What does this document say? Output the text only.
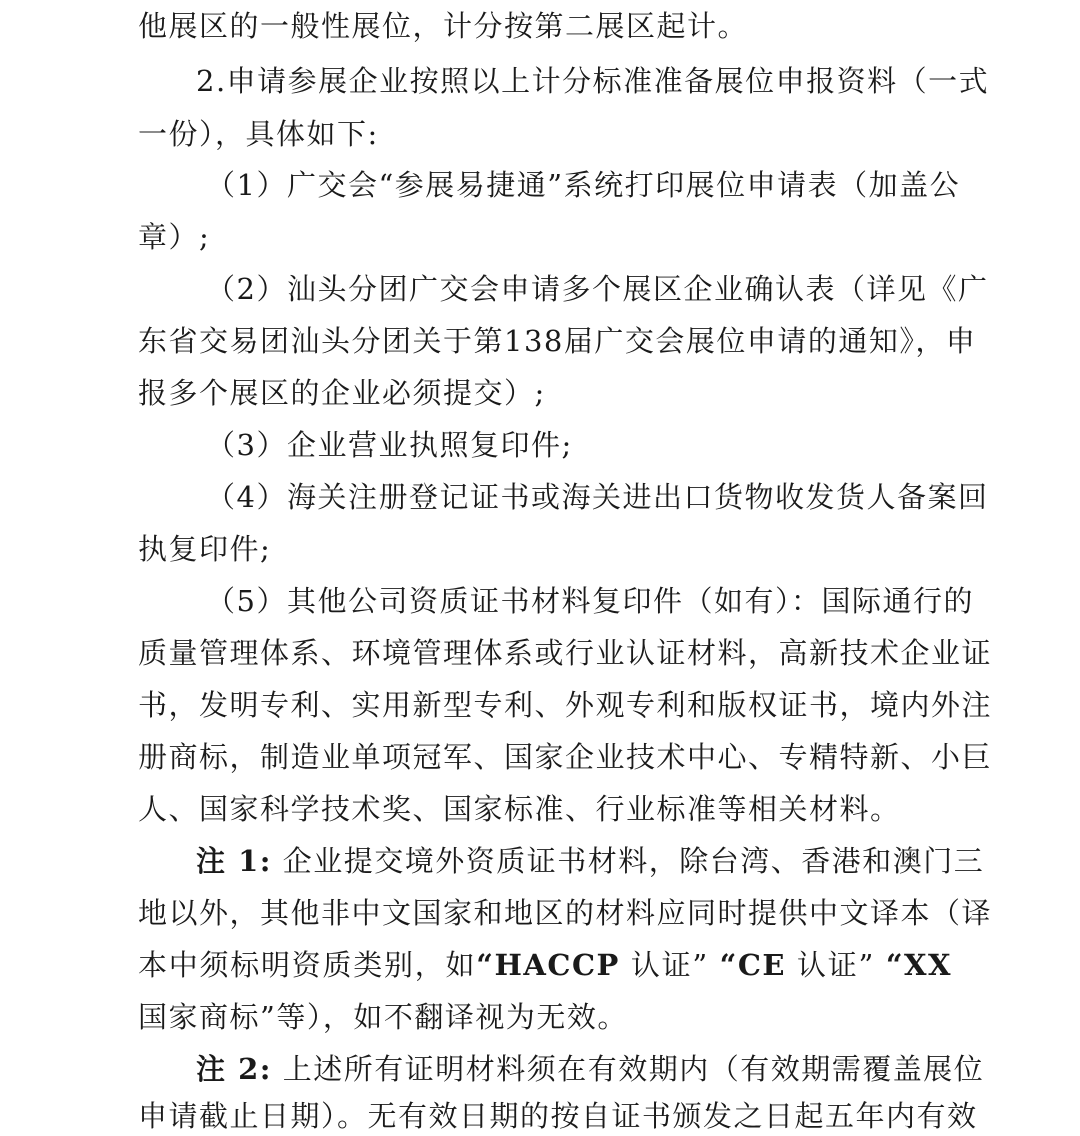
他展区的一般性展位，计分按第二展区起计。
2.申请参展企业按照以上计分标准准备展位申报资料（一式
一份），具体如下:
（1）广交会“参展易捷通”系统打印展位申请表（加盖公
章）;
（2）汕头分团广交会申请多个展区企业确认表（详见《广
东省交易团汕头分团关于第138届广交会展位申请的通知》，申
报多个展区的企业必须提交）;
（3）企业营业执照复印件;
（4）海关注册登记证书或海关进出口货物收发货人备案回
执复印件;
（5）其他公司资质证书材料复印件（如有）：国际通行的
质量管理体系、环境管理体系或行业认证材料，高新技术企业证
书，发明专利、实用新型专利、外观专利和版权证书，境内外注
册商标，制造业单项冠军、国家企业技术中心、专精特新、小巨
人、国家科学技术奖、国家标准、行业标准等相关材料。
注 1: 企业提交境外资质证书材料，除台湾、香港和澳门三
地以外，其他非中文国家和地区的材料应同时提供中文译本（译
本中须标明资质类别，如“HACCP 认证” “CE 认证” “XX
国家商标”等），如不翻译视为无效。
注 2: 上述所有证明材料须在有效期内（有效期需覆盖展位
申请截止日期）。无有效日期的按自证书颁发之日起五年内有效
